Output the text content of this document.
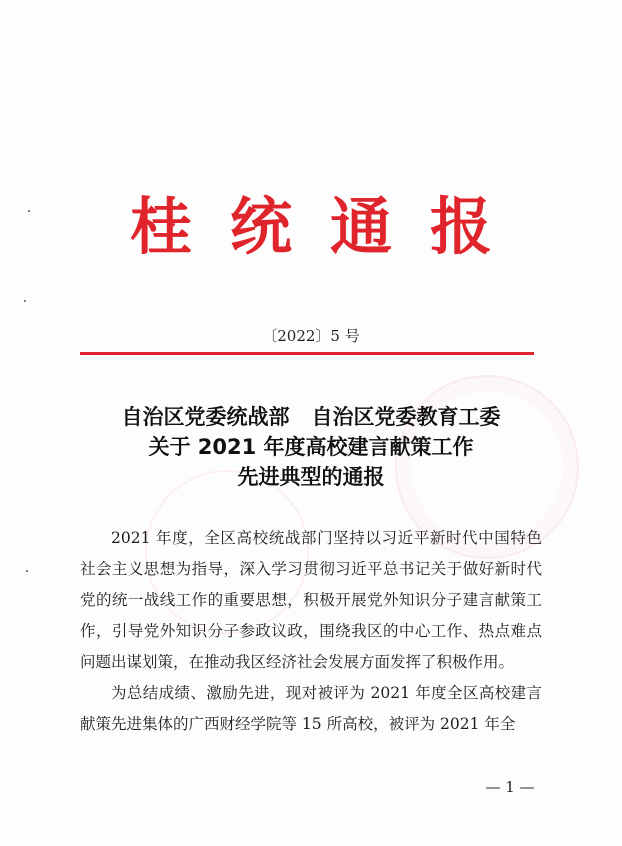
桂统通报
〔2022〕5 号
自治区党委统战部   自治区党委教育工委
关于 2021 年度高校建言献策工作
先进典型的通报

2021 年度，全区高校统战部门坚持以习近平新时代中国特色社会主义思想为指导，深入学习贯彻习近平总书记关于做好新时代党的统一战线工作的重要思想，积极开展党外知识分子建言献策工作，引导党外知识分子参政议政，围绕我区的中心工作、热点难点问题出谋划策，在推动我区经济社会发展方面发挥了积极作用。

为总结成绩、激励先进，现对被评为 2021 年度全区高校建言献策先进集体的广西财经学院等 15 所高校，被评为 2021 年全

— 1 —
